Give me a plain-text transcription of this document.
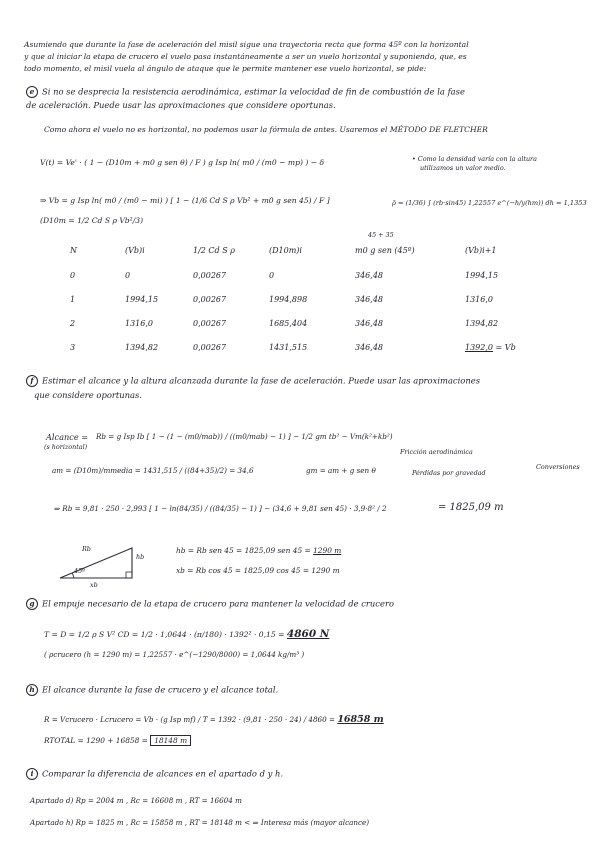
Asumiendo que durante la fase de aceleración del misil sigue una trayectoria recta que forma 45º con la horizontal
y que al iniciar la etapa de crucero el vuelo pasa instantáneamente a ser un vuelo horizontal y suponiendo, que, es
todo momento, el misil vuela al ángulo de ataque que le permite mantener ese vuelo horizontal, se pide:
e Si no se desprecia la resistencia aerodinámica, estimar la velocidad de fin de combustión de la fase
de aceleración. Puede usar las aproximaciones que considere oportunas.
Como ahora el vuelo no es horizontal, no podemos usar la fórmula de antes. Usaremos el MÉTODO DE FLETCHER
V(t) = Ve' · ( 1 − (D10m + m0 g sen θ) / F ) g Isp ln( m0 / (m0 − mp) ) − δ	• Como la densidad varía con la altura
utilizamos un valor medio.
⇒ Vb = g Isp ln( m0 / (m0 − mi) ) [ 1 − (1/6 Cd S ρ Vb² + m0 g sen 45) / F ]
(D10m = 1/2 Cd S ρ Vb²/3)
ρ̄ = (1/36) ∫ (rb·sin45) 1,22557 e^(−h/y(hm)) dh = 1,1353
45 + 35
N	(Vb)i	1/2 Cd S ρ	(D10m)i	m0 g sen (45º)	(Vb)i+1
0	0	0,00267	0	346,48	1994,15
1	1994,15	0,00267	1994,898	346,48	1316,0
2	1316,0	0,00267	1685,404	346,48	1394,82
3	1394,82	0,00267	1431,515	346,48	1392,0 = Vb
f Estimar el alcance y la altura alcanzada durante la fase de aceleración. Puede usar las aproximaciones
que considere oportunas.
Alcance =
(s horizontal)
Rb = g Isp Ib [ 1 − (1 − (m0/mab)) / ((m0/mab) − 1) ] − 1/2 gm tb² − Vm(k²+kb²)
Fricción aerodinámica
am = (D10m)/mmedia = 1431,515 / ((84+35)/2) = 34,6	gm = am + g sen θ	Pérdidas por gravedad
Conversiones
⇒ Rb = 9,81 · 250 · 2,993 [ 1 − ln(84/35) / ((84/35) − 1) ] − (34,6 + 9,81 sen 45) · 3,9·8² / 2	= 1825,09 m
Rb
hb
xb
45º
hb = Rb sen 45 = 1825,09 sen 45 = 1290 m
xb = Rb cos 45 = 1825,09 cos 45 = 1290 m
g El empuje necesario de la etapa de crucero para mantener la velocidad de crucero
T = D = 1/2 ρ S V² CD = 1/2 · 1,0644 · (π/180) · 1392² · 0,15 = 4860 N
( ρcrucero (h = 1290 m) = 1,22557 · e^(−1290/8000) = 1,0644 kg/m³ )
h El alcance durante la fase de crucero y el alcance total.
R = Vcrucero · Lcrucero = Vb · (g Isp mf) / T = 1392 · (9,81 · 250 · 24) / 4860 = 16858 m
RTOTAL = 1290 + 16858 = 18148 m
i Comparar la diferencia de alcances en el apartado d y h.
Apartado d) Rp = 2004 m , Rc = 16608 m , RT = 16604 m
Apartado h) Rp = 1825 m , Rc = 15858 m , RT = 18148 m < ⇒ Interesa más (mayor alcance)
